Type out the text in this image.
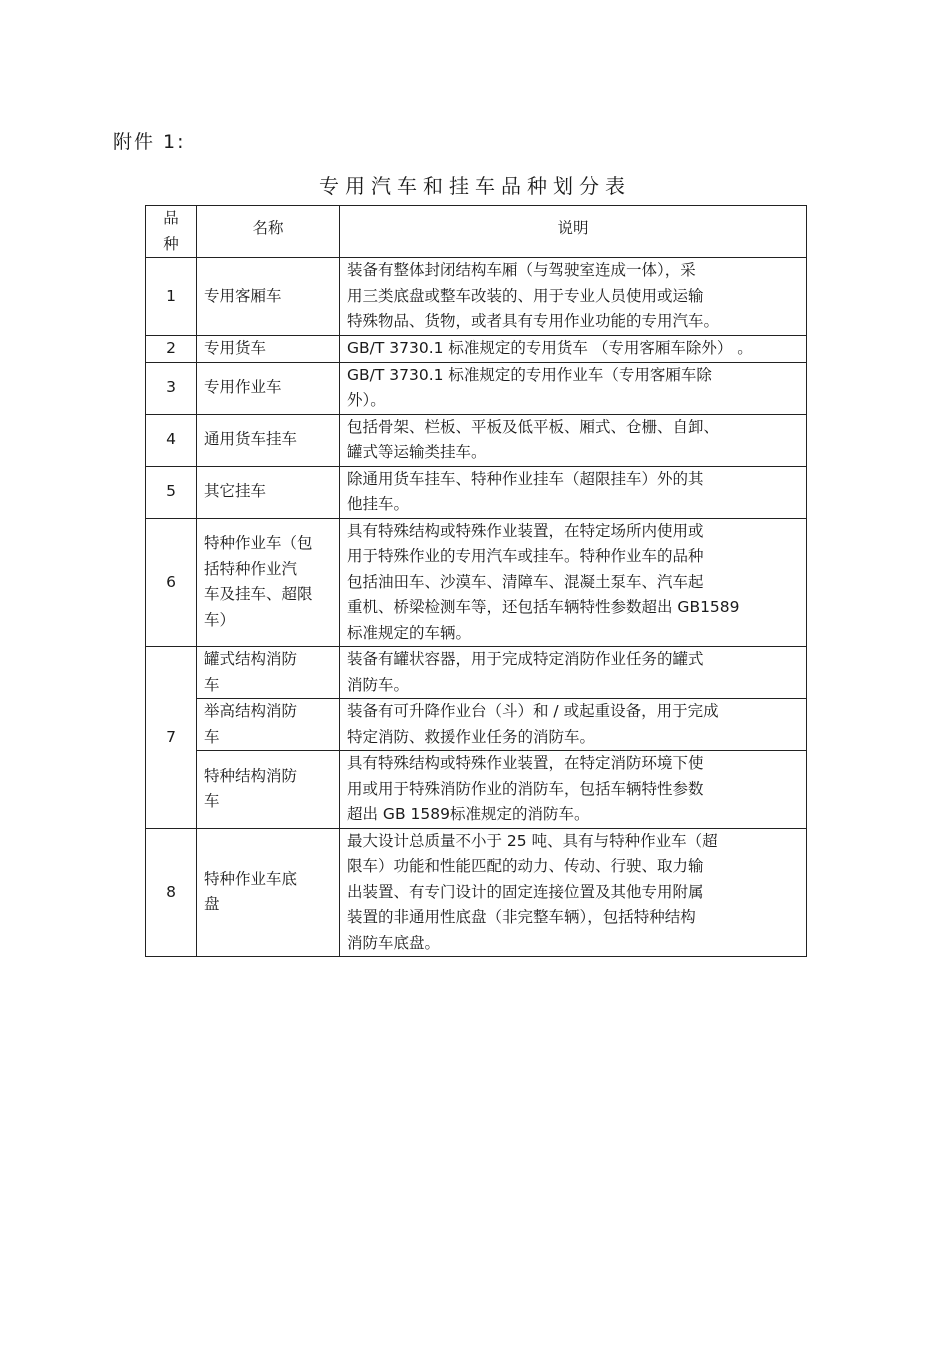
附件 1:
专用汽车和挂车品种划分表
品
种	名称	说明
1	专用客厢车	装备有整体封闭结构车厢（与驾驶室连成一体），采
用三类底盘或整车改装的、用于专业人员使用或运输
特殊物品、货物，或者具有专用作业功能的专用汽车。
2	专用货车	GB/T 3730.1 标准规定的专用货车 （专用客厢车除外） 。
3	专用作业车	GB/T 3730.1 标准规定的专用作业车（专用客厢车除
外）。
4	通用货车挂车	包括骨架、栏板、平板及低平板、厢式、仓栅、自卸、
罐式等运输类挂车。
5	其它挂车	除通用货车挂车、特种作业挂车（超限挂车）外的其
他挂车。
6	特种作业车（包
括特种作业汽
车及挂车、超限
车）	具有特殊结构或特殊作业装置，在特定场所内使用或
用于特殊作业的专用汽车或挂车。特种作业车的品种
包括油田车、沙漠车、清障车、混凝土泵车、汽车起
重机、桥梁检测车等，还包括车辆特性参数超出 GB1589
标准规定的车辆。
7	罐式结构消防
车	装备有罐状容器，用于完成特定消防作业任务的罐式
消防车。
	举高结构消防
车	装备有可升降作业台（斗）和 / 或起重设备，用于完成
特定消防、救援作业任务的消防车。
	特种结构消防
车	具有特殊结构或特殊作业装置，在特定消防环境下使
用或用于特殊消防作业的消防车，包括车辆特性参数
超出 GB 1589标准规定的消防车。
8	特种作业车底
盘	最大设计总质量不小于 25 吨、具有与特种作业车（超
限车）功能和性能匹配的动力、传动、行驶、取力输
出装置、有专门设计的固定连接位置及其他专用附属
装置的非通用性底盘（非完整车辆），包括特种结构
消防车底盘。
